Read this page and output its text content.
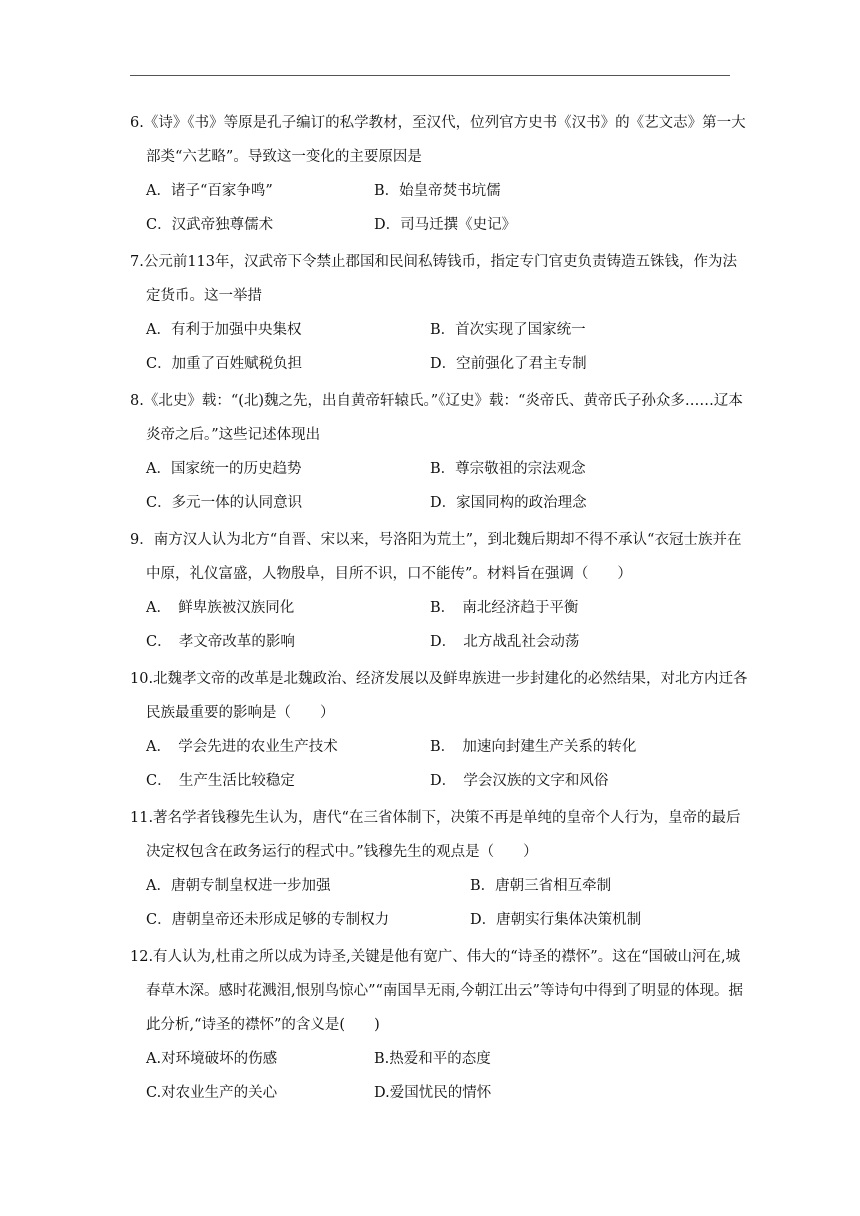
6.《诗》《书》等原是孔子编订的私学教材，至汉代，位列官方史书《汉书》的《艺文志》第一大部类“六艺略”。导致这一变化的主要原因是
A．诸子“百家争鸣”	B．始皇帝焚书坑儒
C．汉武帝独尊儒术	D．司马迁撰《史记》
7.公元前113年，汉武帝下令禁止郡国和民间私铸钱币，指定专门官吏负责铸造五铢钱，作为法定货币。这一举措
A．有利于加强中央集权	B．首次实现了国家统一
C．加重了百姓赋税负担	D．空前强化了君主专制
8.《北史》载：“(北)魏之先，出自黄帝轩辕氏。”《辽史》载：“炎帝氏、黄帝氏子孙众多……辽本炎帝之后。”这些记述体现出
A．国家统一的历史趋势	B．尊宗敬祖的宗法观念
C．多元一体的认同意识	D．家国同构的政治理念
9．南方汉人认为北方“自晋、宋以来，号洛阳为荒土”，到北魏后期却不得不承认“衣冠士族并在中原，礼仪富盛，人物殷阜，目所不识，口不能传”。材料旨在强调（　　）
A．　鲜卑族被汉族同化	B．　南北经济趋于平衡
C．　孝文帝改革的影响	D．　北方战乱社会动荡
10.北魏孝文帝的改革是北魏政治、经济发展以及鲜卑族进一步封建化的必然结果，对北方内迁各民族最重要的影响是（　　）
A．　学会先进的农业生产技术	B．　加速向封建生产关系的转化
C．　生产生活比较稳定	D．　学会汉族的文字和风俗
11.著名学者钱穆先生认为，唐代“在三省体制下，决策不再是单纯的皇帝个人行为，皇帝的最后决定权包含在政务运行的程式中。”钱穆先生的观点是（　　）
A．唐朝专制皇权进一步加强	B．唐朝三省相互牵制
C．唐朝皇帝还未形成足够的专制权力	D．唐朝实行集体决策机制
12.有人认为,杜甫之所以成为诗圣,关键是他有宽广、伟大的“诗圣的襟怀”。这在“国破山河在,城春草木深。感时花溅泪,恨别鸟惊心”“南国旱无雨,今朝江出云”等诗句中得到了明显的体现。据此分析,“诗圣的襟怀”的含义是(　　)
A.对环境破坏的伤感	B.热爱和平的态度
C.对农业生产的关心	D.爱国忧民的情怀
